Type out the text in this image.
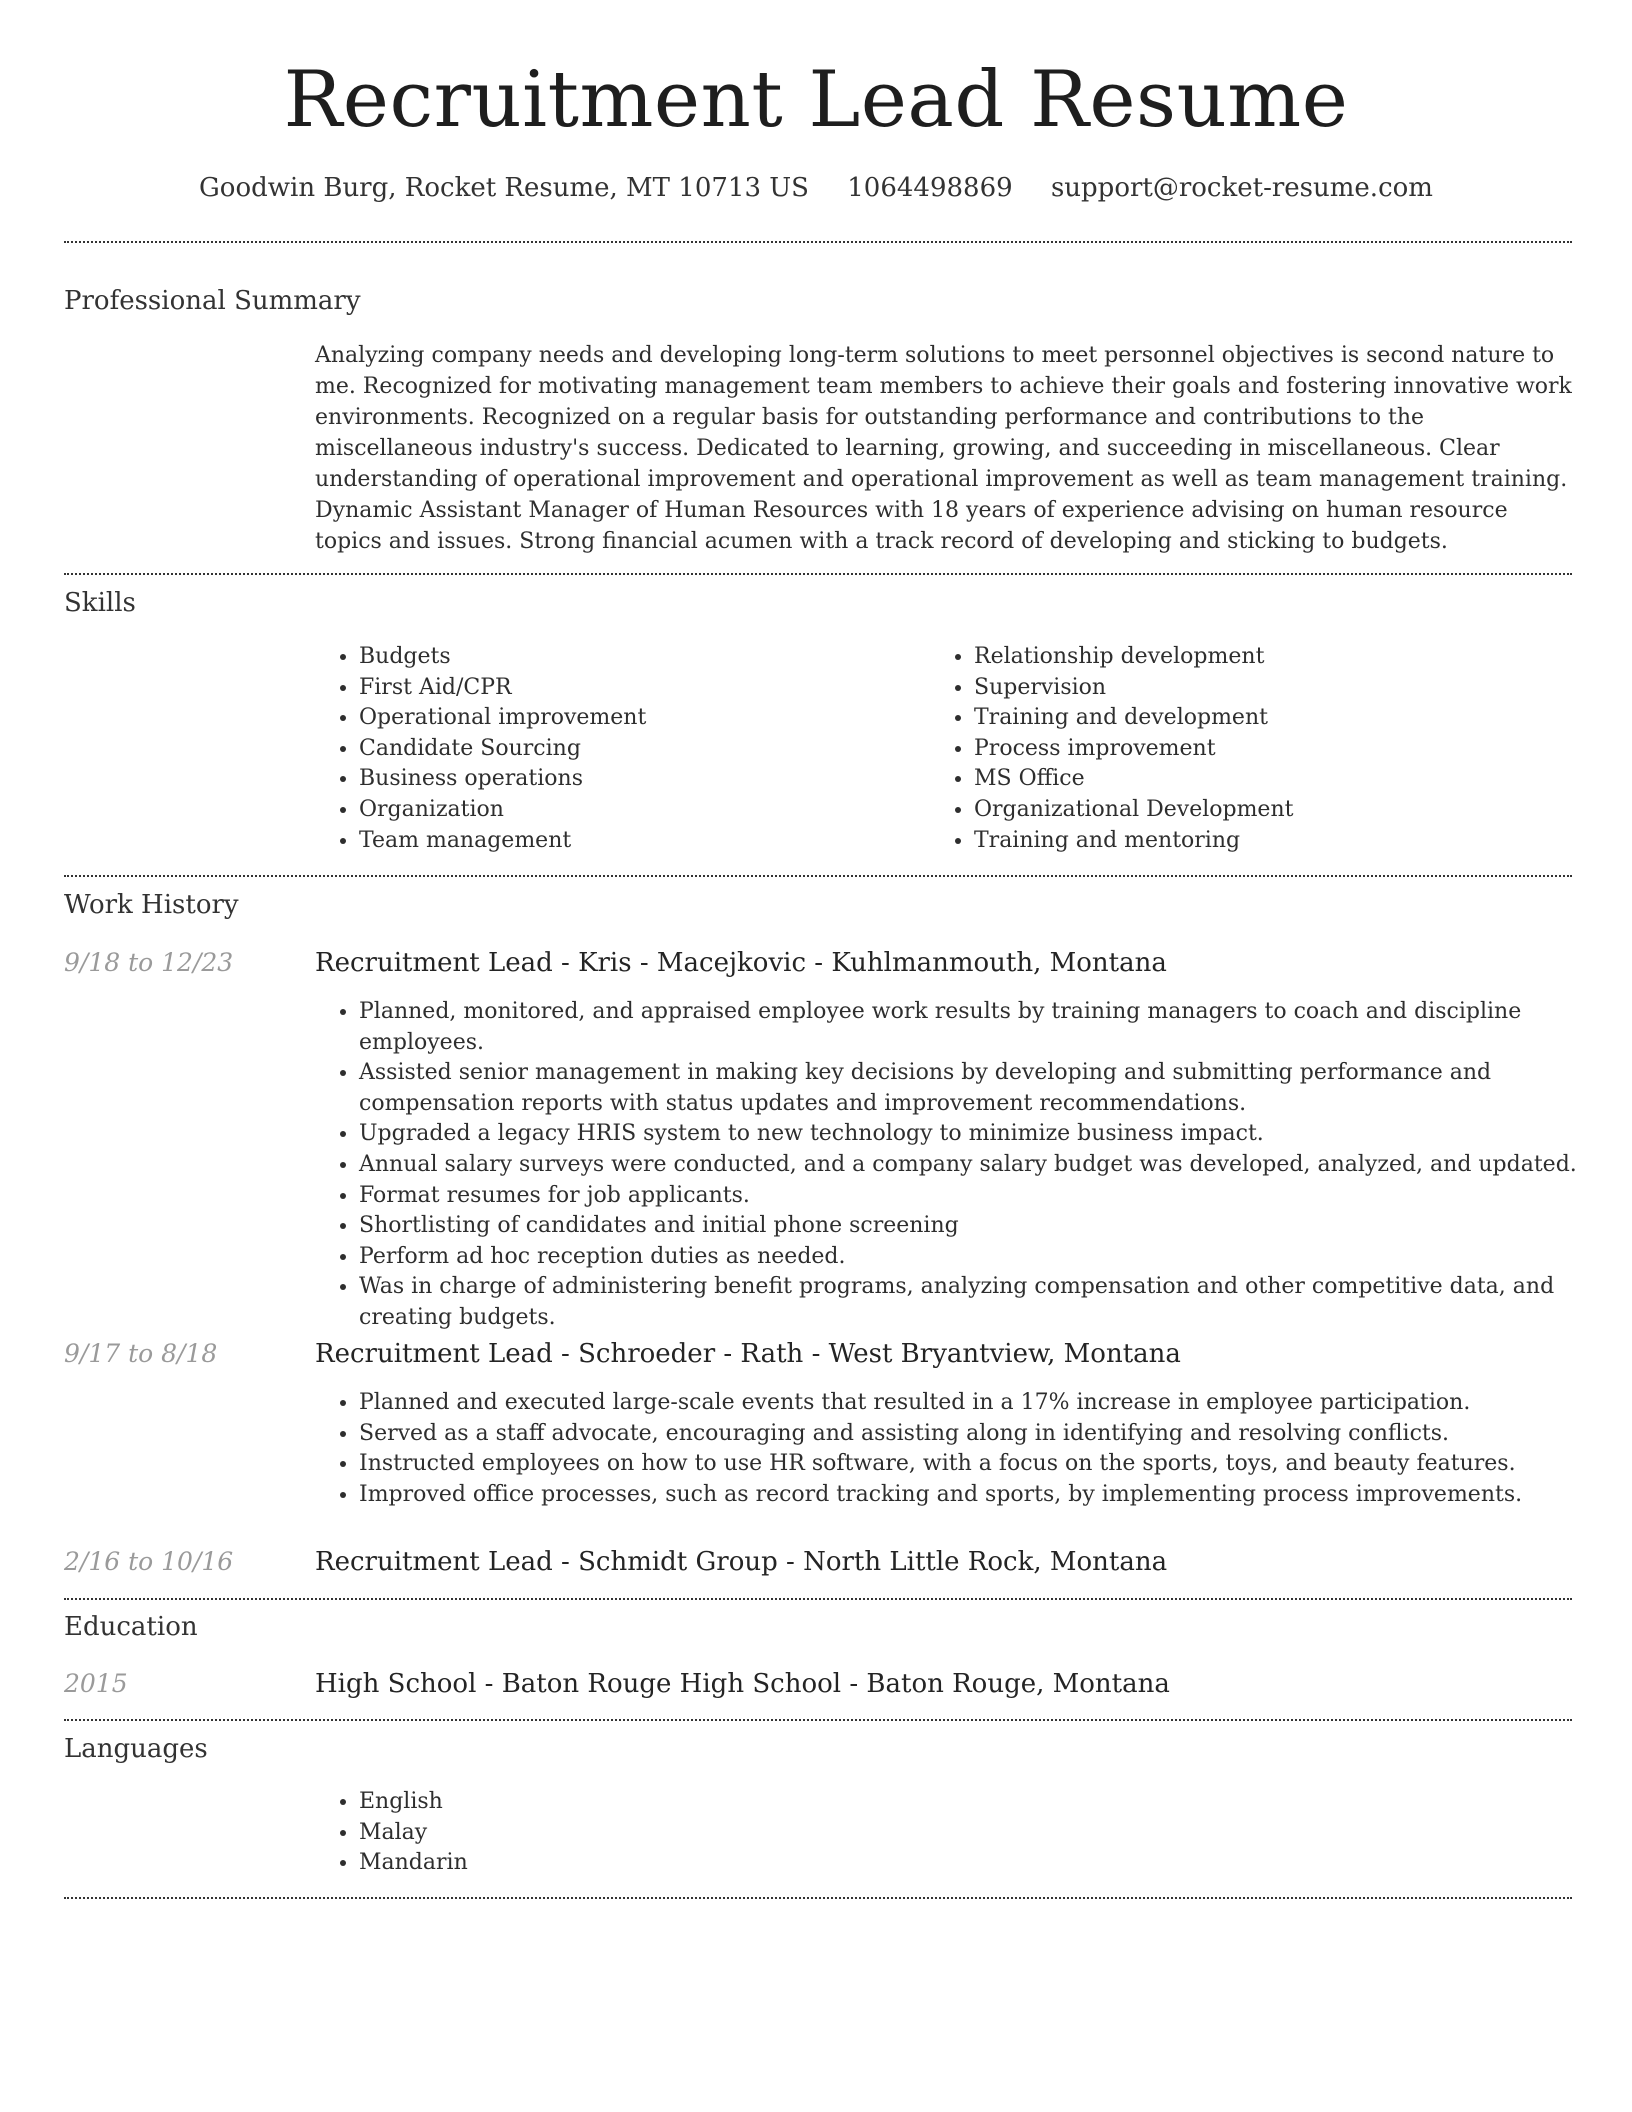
Recruitment Lead Resume
Goodwin Burg, Rocket Resume, MT 10713 US 1064498869 support@rocket-resume.com
Professional Summary
Analyzing company needs and developing long-term solutions to meet personnel objectives is second nature to me. Recognized for motivating management team members to achieve their goals and fostering innovative work environments. Recognized on a regular basis for outstanding performance and contributions to the miscellaneous industry's success. Dedicated to learning, growing, and succeeding in miscellaneous. Clear understanding of operational improvement and operational improvement as well as team management training. Dynamic Assistant Manager of Human Resources with 18 years of experience advising on human resource topics and issues. Strong financial acumen with a track record of developing and sticking to budgets.
Skills
• Budgets
• First Aid/CPR
• Operational improvement
• Candidate Sourcing
• Business operations
• Organization
• Team management
• Relationship development
• Supervision
• Training and development
• Process improvement
• MS Office
• Organizational Development
• Training and mentoring
Work History
9/18 to 12/23	Recruitment Lead - Kris - Macejkovic - Kuhlmanmouth, Montana
• Planned, monitored, and appraised employee work results by training managers to coach and discipline employees.
• Assisted senior management in making key decisions by developing and submitting performance and compensation reports with status updates and improvement recommendations.
• Upgraded a legacy HRIS system to new technology to minimize business impact.
• Annual salary surveys were conducted, and a company salary budget was developed, analyzed, and updated.
• Format resumes for job applicants.
• Shortlisting of candidates and initial phone screening
• Perform ad hoc reception duties as needed.
• Was in charge of administering benefit programs, analyzing compensation and other competitive data, and creating budgets.
9/17 to 8/18	Recruitment Lead - Schroeder - Rath - West Bryantview, Montana
• Planned and executed large-scale events that resulted in a 17% increase in employee participation.
• Served as a staff advocate, encouraging and assisting along in identifying and resolving conflicts.
• Instructed employees on how to use HR software, with a focus on the sports, toys, and beauty features.
• Improved office processes, such as record tracking and sports, by implementing process improvements.
2/16 to 10/16	Recruitment Lead - Schmidt Group - North Little Rock, Montana
Education
2015	High School - Baton Rouge High School - Baton Rouge, Montana
Languages
• English
• Malay
• Mandarin
